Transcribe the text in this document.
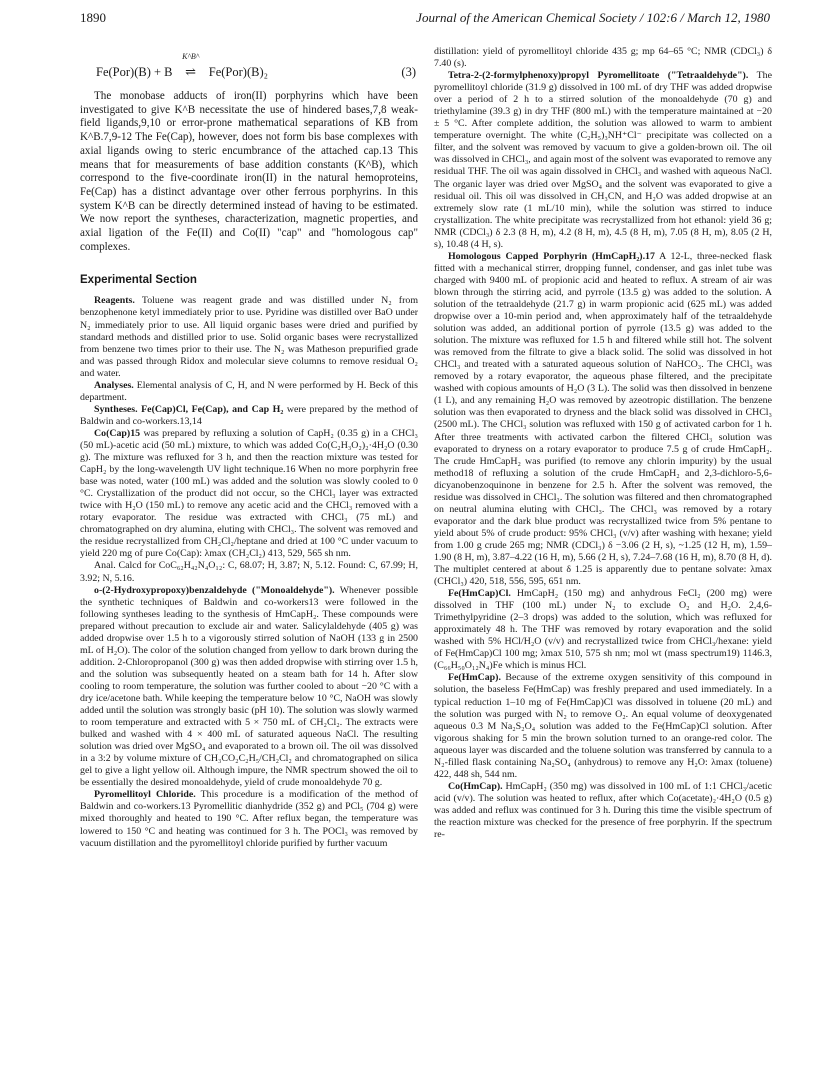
1890	Journal of the American Chemical Society / 102:6 / March 12, 1980
Fe(Por)(B) + B
K^B^
⇌ Fe(Por)(B)₂	(3)

The monobase adducts of iron(II) porphyrins which have been investigated to give K^B necessitate the use of hindered bases,7,8 weak-field ligands,9,10 or error-prone mathematical separations of KB from K^B.7,9-12 The Fe(Cap), however, does not form bis base complexes with axial ligands owing to steric encumbrance of the attached cap.13 This means that for measurements of base addition constants (K^B), which correspond to the five-coordinate iron(II) in the natural hemoproteins, Fe(Cap) has a distinct advantage over other ferrous porphyrins. In this system K^B can be directly determined instead of having to be estimated. We now report the syntheses, characterization, magnetic properties, and axial ligation of the Fe(II) and Co(II) "cap" and "homologous cap" complexes.

Experimental Section

Reagents. Toluene was reagent grade and was distilled under N₂ from benzophenone ketyl immediately prior to use. Pyridine was distilled over BaO under N₂ immediately prior to use. All liquid organic bases were dried and purified by standard methods and distilled prior to use. Solid organic bases were recrystallized from benzene two times prior to their use. The N₂ was Matheson prepurified grade and was passed through Ridox and molecular sieve columns to remove residual O₂ and water.

Analyses. Elemental analysis of C, H, and N were performed by H. Beck of this department.

Syntheses. Fe(Cap)Cl, Fe(Cap), and Cap H₂ were prepared by the method of Baldwin and co-workers.13,14

Co(Cap)15 was prepared by refluxing a solution of CapH₂ (0.35 g) in a CHCl₃ (50 mL)-acetic acid (50 mL) mixture, to which was added Co(C₂H₃O₂)₂·4H₂O (0.30 g). The mixture was refluxed for 3 h, and then the reaction mixture was tested for CapH₂ by the long-wavelength UV light technique.16 When no more porphyrin free base was noted, water (100 mL) was added and the solution was slowly cooled to 0 °C. Crystallization of the product did not occur, so the CHCl₃ layer was extracted twice with H₂O (150 mL) to remove any acetic acid and the CHCl₃ removed with a rotary evaporator. The residue was extracted with CHCl₃ (75 mL) and chromatographed on dry alumina, eluting with CHCl₃. The solvent was removed and the residue recrystallized from CH₂Cl₂/heptane and dried at 100 °C under vacuum to yield 220 mg of pure Co(Cap): λmax (CH₂Cl₂) 413, 529, 565 sh nm.

Anal. Calcd for CoC₆₂H₄₂N₄O₁₂: C, 68.07; H, 3.87; N, 5.12. Found: C, 67.99; H, 3.92; N, 5.16.

o-(2-Hydroxypropoxy)benzaldehyde ("Monoaldehyde"). Whenever possible the synthetic techniques of Baldwin and co-workers13 were followed in the following syntheses leading to the synthesis of HmCapH₂. These compounds were prepared without precaution to exclude air and water. Salicylaldehyde (405 g) was added dropwise over 1.5 h to a vigorously stirred solution of NaOH (133 g in 2500 mL of H₂O). The color of the solution changed from yellow to dark brown during the addition. 2-Chloropropanol (300 g) was then added dropwise with stirring over 1.5 h, and the solution was subsequently heated on a steam bath for 14 h. After slow cooling to room temperature, the solution was further cooled to about −20 °C with a dry ice/acetone bath. While keeping the temperature below 10 °C, NaOH was slowly added until the solution was strongly basic (pH 10). The solution was slowly warmed to room temperature and extracted with 5 × 750 mL of CH₂Cl₂. The extracts were bulked and washed with 4 × 400 mL of saturated aqueous NaCl. The resulting solution was dried over MgSO₄ and evaporated to a brown oil. The oil was dissolved in a 3:2 by volume mixture of CH₃CO₂C₂H₅/CH₂Cl₂ and chromatographed on silica gel to give a light yellow oil. Although impure, the NMR spectrum showed the oil to be essentially the desired monoaldehyde, yield of crude monoaldehyde 70 g.

Pyromellitoyl Chloride. This procedure is a modification of the method of Baldwin and co-workers.13 Pyromellitic dianhydride (352 g) and PCl₅ (704 g) were mixed thoroughly and heated to 190 °C. After reflux began, the temperature was lowered to 150 °C and heating was continued for 3 h. The POCl₃ was removed by vacuum distillation and the pyromellitoyl chloride purified by further vacuum

distillation: yield of pyromellitoyl chloride 435 g; mp 64–65 °C; NMR (CDCl₃) δ 7.40 (s).

Tetra-2-(2-formylphenoxy)propyl Pyromellitoate ("Tetraaldehyde"). The pyromellitoyl chloride (31.9 g) dissolved in 100 mL of dry THF was added dropwise over a period of 2 h to a stirred solution of the monoaldehyde (70 g) and triethylamine (39.3 g) in dry THF (800 mL) with the temperature maintained at −20 ± 5 °C. After complete addition, the solution was allowed to warm to ambient temperature overnight. The white (C₂H₅)₃NH⁺Cl⁻ precipitate was collected on a filter, and the solvent was removed by vacuum to give a golden-brown oil. The oil was dissolved in CHCl₃, and again most of the solvent was evaporated to remove any residual THF. The oil was again dissolved in CHCl₃ and washed with aqueous NaCl. The organic layer was dried over MgSO₄ and the solvent was evaporated to give a residual oil. This oil was dissolved in CH₃CN, and H₂O was added dropwise at an extremely slow rate (1 mL/10 min), while the solution was stirred to induce crystallization. The white precipitate was recrystallized from hot ethanol: yield 36 g; NMR (CDCl₃) δ 2.3 (8 H, m), 4.2 (8 H, m), 4.5 (8 H, m), 7.05 (8 H, m), 8.05 (2 H, s), 10.48 (4 H, s).

Homologous Capped Porphyrin (HmCapH₂).17 A 12-L, three-necked flask fitted with a mechanical stirrer, dropping funnel, condenser, and gas inlet tube was charged with 9400 mL of propionic acid and heated to reflux. A stream of air was blown through the stirring acid, and pyrrole (13.5 g) was added to the solution. A solution of the tetraaldehyde (21.7 g) in warm propionic acid (625 mL) was added dropwise over a 10-min period and, when approximately half of the tetraaldehyde solution was added, an additional portion of pyrrole (13.5 g) was added to the solution. The mixture was refluxed for 1.5 h and filtered while still hot. The solvent was removed from the filtrate to give a black solid. The solid was dissolved in hot CHCl₃ and treated with a saturated aqueous solution of NaHCO₃. The CHCl₃ was removed by a rotary evaporator, the aqueous phase filtered, and the precipitate washed with copious amounts of H₂O (3 L). The solid was then dissolved in benzene (1 L), and any remaining H₂O was removed by azeotropic distillation. The benzene solution was then evaporated to dryness and the black solid was dissolved in CHCl₃ (2500 mL). The CHCl₃ solution was refluxed with 150 g of activated carbon for 1 h. After three treatments with activated carbon the filtered CHCl₃ solution was evaporated to dryness on a rotary evaporator to produce 7.5 g of crude HmCapH₂. The crude HmCapH₂ was purified (to remove any chlorin impurity) by the usual method18 of refluxing a solution of the crude HmCapH₂ and 2,3-dichloro-5,6-dicyanobenzoquinone in benzene for 2.5 h. After the solvent was removed, the residue was dissolved in CHCl₃. The solution was filtered and then chromatographed on neutral alumina eluting with CHCl₃. The CHCl₃ was removed by a rotary evaporator and the dark blue product was recrystallized twice from 5% pentane to yield about 5% of crude product: 95% CHCl₃ (v/v) after washing with hexane; yield from 1.00 g crude 265 mg; NMR (CDCl₃) δ −3.06 (2 H, s), ~1.25 (12 H, m), 1.59–1.90 (8 H, m), 3.87–4.22 (16 H, m), 5.66 (2 H, s), 7.24–7.68 (16 H, m), 8.70 (8 H, d). The multiplet centered at about δ 1.25 is apparently due to pentane solvate: λmax (CHCl₃) 420, 518, 556, 595, 651 nm.

Fe(HmCap)Cl. HmCapH₂ (150 mg) and anhydrous FeCl₂ (200 mg) were dissolved in THF (100 mL) under N₂ to exclude O₂ and H₂O. 2,4,6-Trimethylpyridine (2–3 drops) was added to the solution, which was refluxed for approximately 48 h. The THF was removed by rotary evaporation and the solid washed with 5% HCl/H₂O (v/v) and recrystallized twice from CHCl₃/hexane: yield of Fe(HmCap)Cl 100 mg; λmax 510, 575 sh nm; mol wt (mass spectrum19) 1146.3, (C₆₆H₅₀O₁₂N₄)Fe which is minus HCl.

Fe(HmCap). Because of the extreme oxygen sensitivity of this compound in solution, the baseless Fe(HmCap) was freshly prepared and used immediately. In a typical reduction 1–10 mg of Fe(HmCap)Cl was dissolved in toluene (20 mL) and the solution was purged with N₂ to remove O₂. An equal volume of deoxygenated aqueous 0.3 M Na₂S₂O₄ solution was added to the Fe(HmCap)Cl solution. After vigorous shaking for 5 min the brown solution turned to an orange-red color. The aqueous layer was discarded and the toluene solution was transferred by cannula to a N₂-filled flask containing Na₂SO₄ (anhydrous) to remove any H₂O: λmax (toluene) 422, 448 sh, 544 nm.

Co(HmCap). HmCapH₂ (350 mg) was dissolved in 100 mL of 1:1 CHCl₃/acetic acid (v/v). The solution was heated to reflux, after which Co(acetate)₂·4H₂O (0.5 g) was added and reflux was continued for 3 h. During this time the visible spectrum of the reaction mixture was checked for the presence of free porphyrin. If the spectrum re-
